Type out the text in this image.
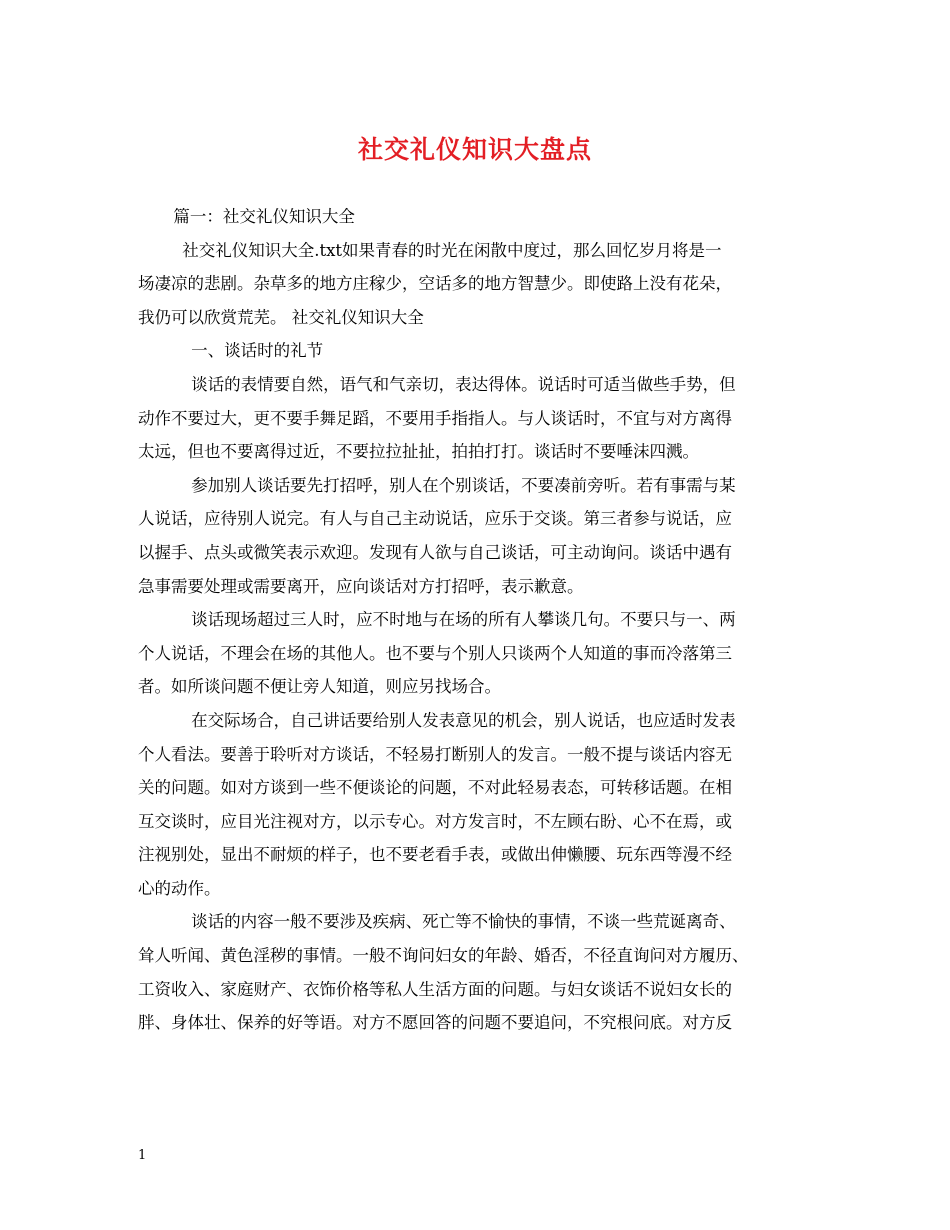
社交礼仪知识大盘点
篇一：社交礼仪知识大全
社交礼仪知识大全.txt如果青春的时光在闲散中度过，那么回忆岁月将是一
场凄凉的悲剧。杂草多的地方庄稼少，空话多的地方智慧少。即使路上没有花朵，
我仍可以欣赏荒芜。 社交礼仪知识大全
一、谈话时的礼节
谈话的表情要自然，语气和气亲切，表达得体。说话时可适当做些手势，但
动作不要过大，更不要手舞足蹈，不要用手指指人。与人谈话时，不宜与对方离得
太远，但也不要离得过近，不要拉拉扯扯，拍拍打打。谈话时不要唾沫四溅。
参加别人谈话要先打招呼，别人在个别谈话，不要凑前旁听。若有事需与某
人说话，应待别人说完。有人与自己主动说话，应乐于交谈。第三者参与说话，应
以握手、点头或微笑表示欢迎。发现有人欲与自己谈话，可主动询问。谈话中遇有
急事需要处理或需要离开，应向谈话对方打招呼，表示歉意。
谈话现场超过三人时，应不时地与在场的所有人攀谈几句。不要只与一、两
个人说话，不理会在场的其他人。也不要与个别人只谈两个人知道的事而冷落第三
者。如所谈问题不便让旁人知道，则应另找场合。
在交际场合，自己讲话要给别人发表意见的机会，别人说话，也应适时发表
个人看法。要善于聆听对方谈话，不轻易打断别人的发言。一般不提与谈话内容无
关的问题。如对方谈到一些不便谈论的问题，不对此轻易表态，可转移话题。在相
互交谈时，应目光注视对方，以示专心。对方发言时，不左顾右盼、心不在焉，或
注视别处，显出不耐烦的样子，也不要老看手表，或做出伸懒腰、玩东西等漫不经
心的动作。
谈话的内容一般不要涉及疾病、死亡等不愉快的事情，不谈一些荒诞离奇、
耸人听闻、黄色淫秽的事情。一般不询问妇女的年龄、婚否，不径直询问对方履历、
工资收入、家庭财产、衣饰价格等私人生活方面的问题。与妇女谈话不说妇女长的
胖、身体壮、保养的好等语。对方不愿回答的问题不要追问，不究根问底。对方反
1
